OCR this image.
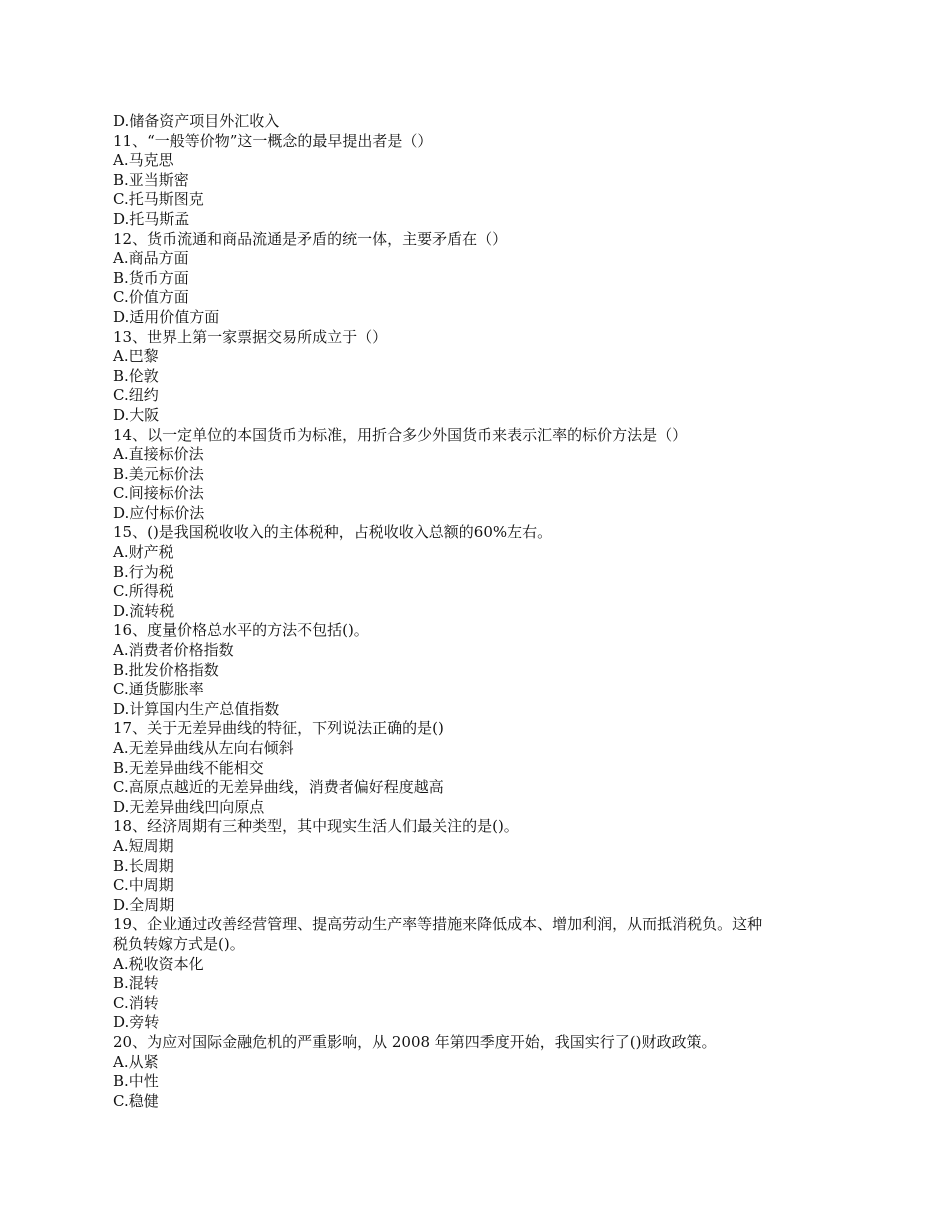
D.储备资产项目外汇收入
11、“一般等价物”这一概念的最早提出者是（）
A.马克思
B.亚当斯密
C.托马斯图克
D.托马斯孟
12、货币流通和商品流通是矛盾的统一体，主要矛盾在（）
A.商品方面
B.货币方面
C.价值方面
D.适用价值方面
13、世界上第一家票据交易所成立于（）
A.巴黎
B.伦敦
C.纽约
D.大阪
14、以一定单位的本国货币为标准，用折合多少外国货币来表示汇率的标价方法是（）
A.直接标价法
B.美元标价法
C.间接标价法
D.应付标价法
15、()是我国税收收入的主体税种，占税收收入总额的60%左右。
A.财产税
B.行为税
C.所得税
D.流转税
16、度量价格总水平的方法不包括()。
A.消费者价格指数
B.批发价格指数
C.通货膨胀率
D.计算国内生产总值指数
17、关于无差异曲线的特征，下列说法正确的是()
A.无差异曲线从左向右倾斜
B.无差异曲线不能相交
C.高原点越近的无差异曲线，消费者偏好程度越高
D.无差异曲线凹向原点
18、经济周期有三种类型，其中现实生活人们最关注的是()。
A.短周期
B.长周期
C.中周期
D.全周期
19、企业通过改善经营管理、提高劳动生产率等措施来降低成本、增加利润，从而抵消税负。这种税负转嫁方式是()。
A.税收资本化
B.混转
C.消转
D.旁转
20、为应对国际金融危机的严重影响，从 2008 年第四季度开始，我国实行了()财政政策。
A.从紧
B.中性
C.稳健
